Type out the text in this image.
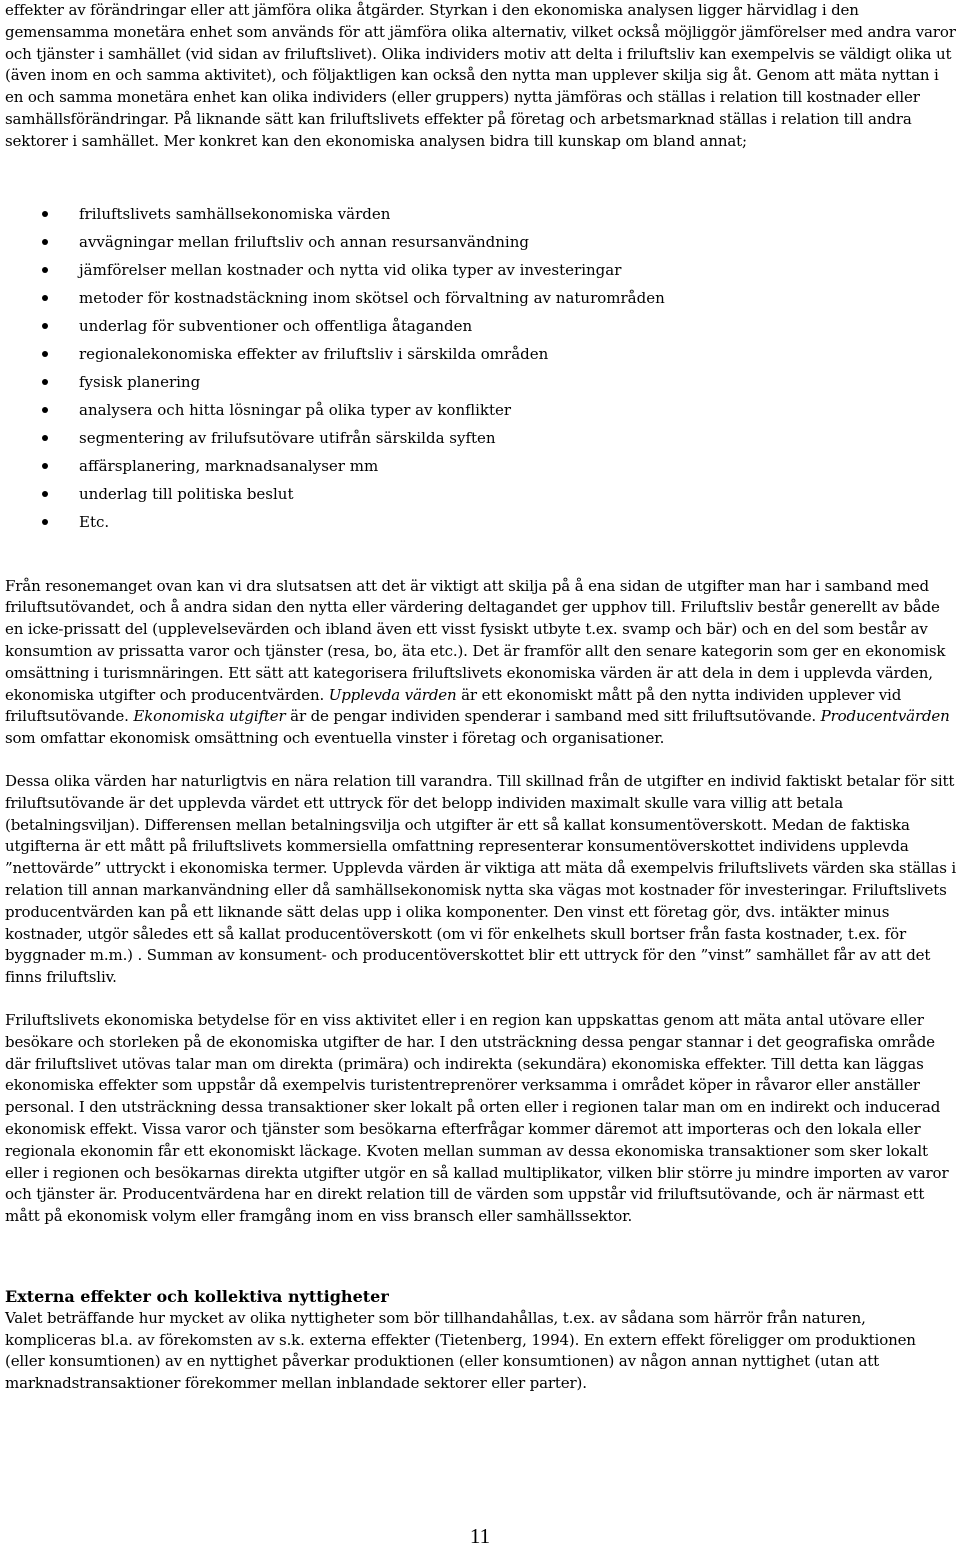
effekter av förändringar eller att jämföra olika åtgärder. Styrkan i den ekonomiska analysen ligger härvidlag i den gemensamma monetära enhet som används för att jämföra olika alternativ, vilket också möjliggör jämförelser med andra varor och tjänster i samhället (vid sidan av friluftslivet). Olika individers motiv att delta i friluftsliv kan exempelvis se väldigt olika ut (även inom en och samma aktivitet), och följaktligen kan också den nytta man upplever skilja sig åt. Genom att mäta nyttan i en och samma monetära enhet kan olika individers (eller gruppers) nytta jämföras och ställas i relation till kostnader eller samhällsförändringar. På liknande sätt kan friluftslivets effekter på företag och arbetsmarknad ställas i relation till andra sektorer i samhället. Mer konkret kan den ekonomiska analysen bidra till kunskap om bland annat;

friluftslivets samhällsekonomiska värden
avvägningar mellan friluftsliv och annan resursanvändning
jämförelser mellan kostnader och nytta vid olika typer av investeringar
metoder för kostnadstäckning inom skötsel och förvaltning av naturområden
underlag för subventioner och offentliga åtaganden
regionalekonomiska effekter av friluftsliv i särskilda områden
fysisk planering
analysera och hitta lösningar på olika typer av konflikter
segmentering av frilufsutövare utifrån särskilda syften
affärsplanering, marknadsanalyser mm
underlag till politiska beslut
Etc.

Från resonemanget ovan kan vi dra slutsatsen att det är viktigt att skilja på å ena sidan de utgifter man har i samband med friluftsutövandet, och å andra sidan den nytta eller värdering deltagandet ger upphov till. Friluftsliv består generellt av både en icke-prissatt del (upplevelsevärden och ibland även ett visst fysiskt utbyte t.ex. svamp och bär) och en del som består av konsumtion av prissatta varor och tjänster (resa, bo, äta etc.). Det är framför allt den senare kategorin som ger en ekonomisk omsättning i turismnäringen. Ett sätt att kategorisera friluftslivets ekonomiska värden är att dela in dem i upplevda värden, ekonomiska utgifter och producentvärden. Upplevda värden är ett ekonomiskt mått på den nytta individen upplever vid friluftsutövande. Ekonomiska utgifter är de pengar individen spenderar i samband med sitt friluftsutövande. Producentvärden som omfattar ekonomisk omsättning och eventuella vinster i företag och organisationer.

Dessa olika värden har naturligtvis en nära relation till varandra. Till skillnad från de utgifter en individ faktiskt betalar för sitt friluftsutövande är det upplevda värdet ett uttryck för det belopp individen maximalt skulle vara villig att betala (betalningsviljan). Differensen mellan betalningsvilja och utgifter är ett så kallat konsumentöverskott. Medan de faktiska utgifterna är ett mått på friluftslivets kommersiella omfattning representerar konsumentöverskottet individens upplevda ”nettovärde” uttryckt i ekonomiska termer. Upplevda värden är viktiga att mäta då exempelvis friluftslivets värden ska ställas i relation till annan markanvändning eller då samhällsekonomisk nytta ska vägas mot kostnader för investeringar. Friluftslivets producentvärden kan på ett liknande sätt delas upp i olika komponenter. Den vinst ett företag gör, dvs. intäkter minus kostnader, utgör således ett så kallat producentöverskott (om vi för enkelhets skull bortser från fasta kostnader, t.ex. för byggnader m.m.) . Summan av konsument- och producentöverskottet blir ett uttryck för den ”vinst” samhället får av att det finns friluftsliv.

Friluftslivets ekonomiska betydelse för en viss aktivitet eller i en region kan uppskattas genom att mäta antal utövare eller besökare och storleken på de ekonomiska utgifter de har. I den utsträckning dessa pengar stannar i det geografiska område där friluftslivet utövas talar man om direkta (primära) och indirekta (sekundära) ekonomiska effekter. Till detta kan läggas ekonomiska effekter som uppstår då exempelvis turistentreprenörer verksamma i området köper in råvaror eller anställer personal. I den utsträckning dessa transaktioner sker lokalt på orten eller i regionen talar man om en indirekt och inducerad ekonomisk effekt. Vissa varor och tjänster som besökarna efterfrågar kommer däremot att importeras och den lokala eller regionala ekonomin får ett ekonomiskt läckage. Kvoten mellan summan av dessa ekonomiska transaktioner som sker lokalt eller i regionen och besökarnas direkta utgifter utgör en så kallad multiplikator, vilken blir större ju mindre importen av varor och tjänster är. Producentvärdena har en direkt relation till de värden som uppstår vid friluftsutövande, och är närmast ett mått på ekonomisk volym eller framgång inom en viss bransch eller samhällssektor.

Externa effekter och kollektiva nyttigheter

Valet beträffande hur mycket av olika nyttigheter som bör tillhandahållas, t.ex. av sådana som härrör från naturen, kompliceras bl.a. av förekomsten av s.k. externa effekter (Tietenberg, 1994). En extern effekt föreligger om produktionen (eller konsumtionen) av en nyttighet påverkar produktionen (eller konsumtionen) av någon annan nyttighet (utan att marknadstransaktioner förekommer mellan inblandade sektorer eller parter).

11
